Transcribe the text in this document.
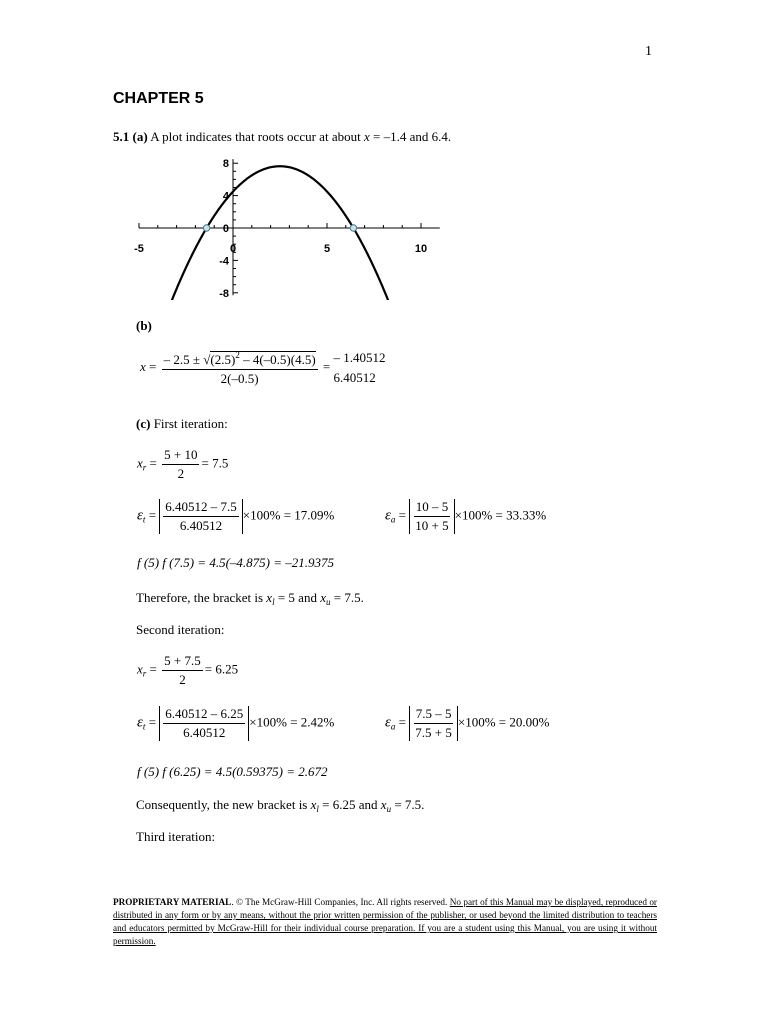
1
CHAPTER 5
5.1 (a) A plot indicates that roots occur at about x = –1.4 and 6.4.
-5	0	5	10
8
4
0
-4
-8
(b)
$x = \frac{- 2.5 \pm √(2.5)^2 - 4(-0.5)(4.5)}{2(-0.5)}$ =
– 1.40512
6.40512
(c) First iteration:
$x_r = \frac{5 + 10}{2} = 7.5$
$\varepsilon_t = \frac{6.40512 - 7.5}{6.40512} \times 100\% = 17.09\%$	$\varepsilon_a = \frac{10 - 5}{10 + 5} \times 100\% = 33.33\%$
f (5) f (7.5) = 4.5(–4.875) = –21.9375
Therefore, the bracket is $x_l = 5$ and $x_u = 7.5$.
Second iteration:
$x_r = \frac{5 + 7.5}{2} = 6.25$
$\varepsilon_t = \frac{6.40512 - 6.25}{6.40512} \times 100\% = 2.42\%$	$\varepsilon_a = \frac{7.5 - 5}{7.5 + 5} \times 100\% = 20.00\%$
f (5) f (6.25) = 4.5(0.59375) = 2.672
Consequently, the new bracket is $x_l = 6.25$ and $x_u = 7.5$.
Third iteration:
PROPRIETARY MATERIAL. © The McGraw-Hill Companies, Inc. All rights reserved. No part of this Manual may be displayed, reproduced or distributed in any form or by any means, without the prior written permission of the publisher, or used beyond the limited distribution to teachers and educators permitted by McGraw-Hill for their individual course preparation. If you are a student using this Manual, you are using it without permission.
